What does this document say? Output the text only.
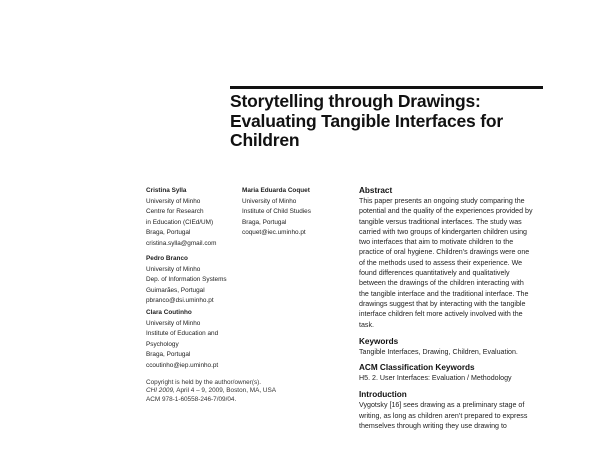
Storytelling through Drawings:
Evaluating Tangible Interfaces for
Children
Cristina Sylla
University of Minho
Centre for Research
in Education (CIEd/UM)
Braga, Portugal
cristina.sylla@gmail.com
Maria Eduarda Coquet
University of Minho
Institute of Child Studies
Braga, Portugal
coquet@iec.uminho.pt
Pedro Branco
University of Minho
Dep. of Information Systems
Guimarães, Portugal
pbranco@dsi.uminho.pt
Clara Coutinho
University of Minho
Institute of Education and
Psychology
Braga, Portugal
ccoutinho@iep.uminho.pt
Copyright is held by the author/owner(s).
CHI 2009, April 4 – 9, 2009, Boston, MA, USA
ACM 978-1-60558-246-7/09/04.
Abstract
This paper presents an ongoing study comparing the
potential and the quality of the experiences provided by
tangible versus traditional interfaces. The study was
carried with two groups of kindergarten children using
two interfaces that aim to motivate children to the
practice of oral hygiene. Children’s drawings were one
of the methods used to assess their experience. We
found differences quantitatively and qualitatively
between the drawings of the children interacting with
the tangible interface and the traditional interface. The
drawings suggest that by interacting with the tangible
interface children felt more actively involved with the
task.
Keywords
Tangible Interfaces, Drawing, Children, Evaluation.
ACM Classification Keywords
H5. 2. User Interfaces: Evaluation / Methodology
Introduction
Vygotsky [16] sees drawing as a preliminary stage of
writing, as long as children aren’t prepared to express
themselves through writing they use drawing to
